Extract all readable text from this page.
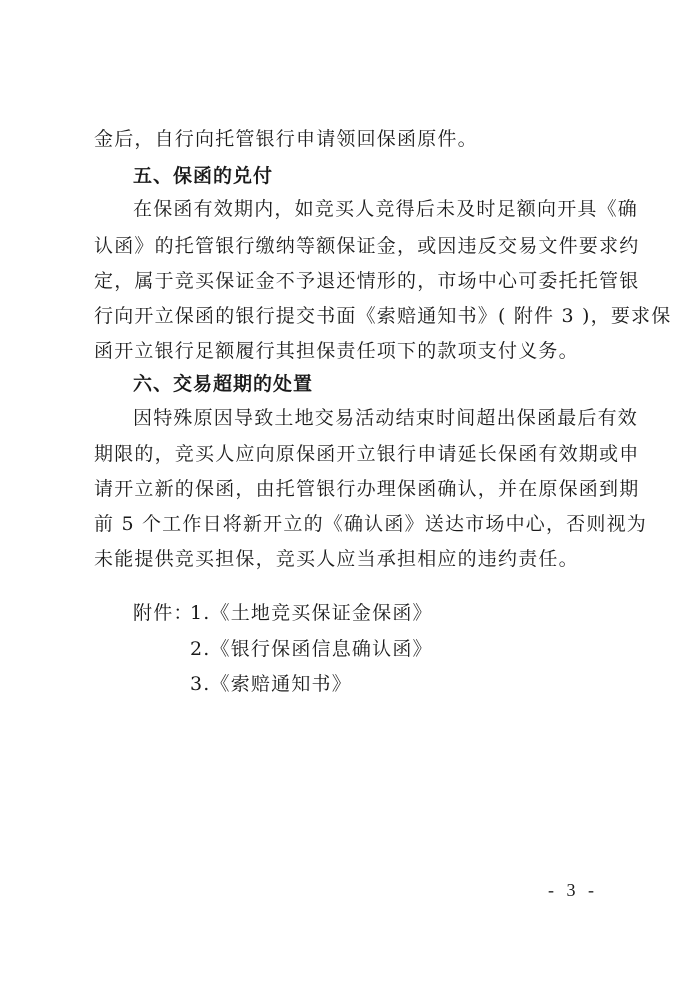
金后，自行向托管银行申请领回保函原件。
五、保函的兑付
在保函有效期内，如竞买人竞得后未及时足额向开具《确
认函》的托管银行缴纳等额保证金，或因违反交易文件要求约
定，属于竞买保证金不予退还情形的，市场中心可委托托管银
行向开立保函的银行提交书面《索赔通知书》( 附件 3 )，要求保
函开立银行足额履行其担保责任项下的款项支付义务。
六、交易超期的处置
因特殊原因导致土地交易活动结束时间超出保函最后有效
期限的，竞买人应向原保函开立银行申请延长保函有效期或申
请开立新的保函，由托管银行办理保函确认，并在原保函到期
前 5 个工作日将新开立的《确认函》送达市场中心，否则视为
未能提供竞买担保，竞买人应当承担相应的违约责任。
附件：
1.《土地竞买保证金保函》
2.《银行保函信息确认函》
3.《索赔通知书》
- 3 -
